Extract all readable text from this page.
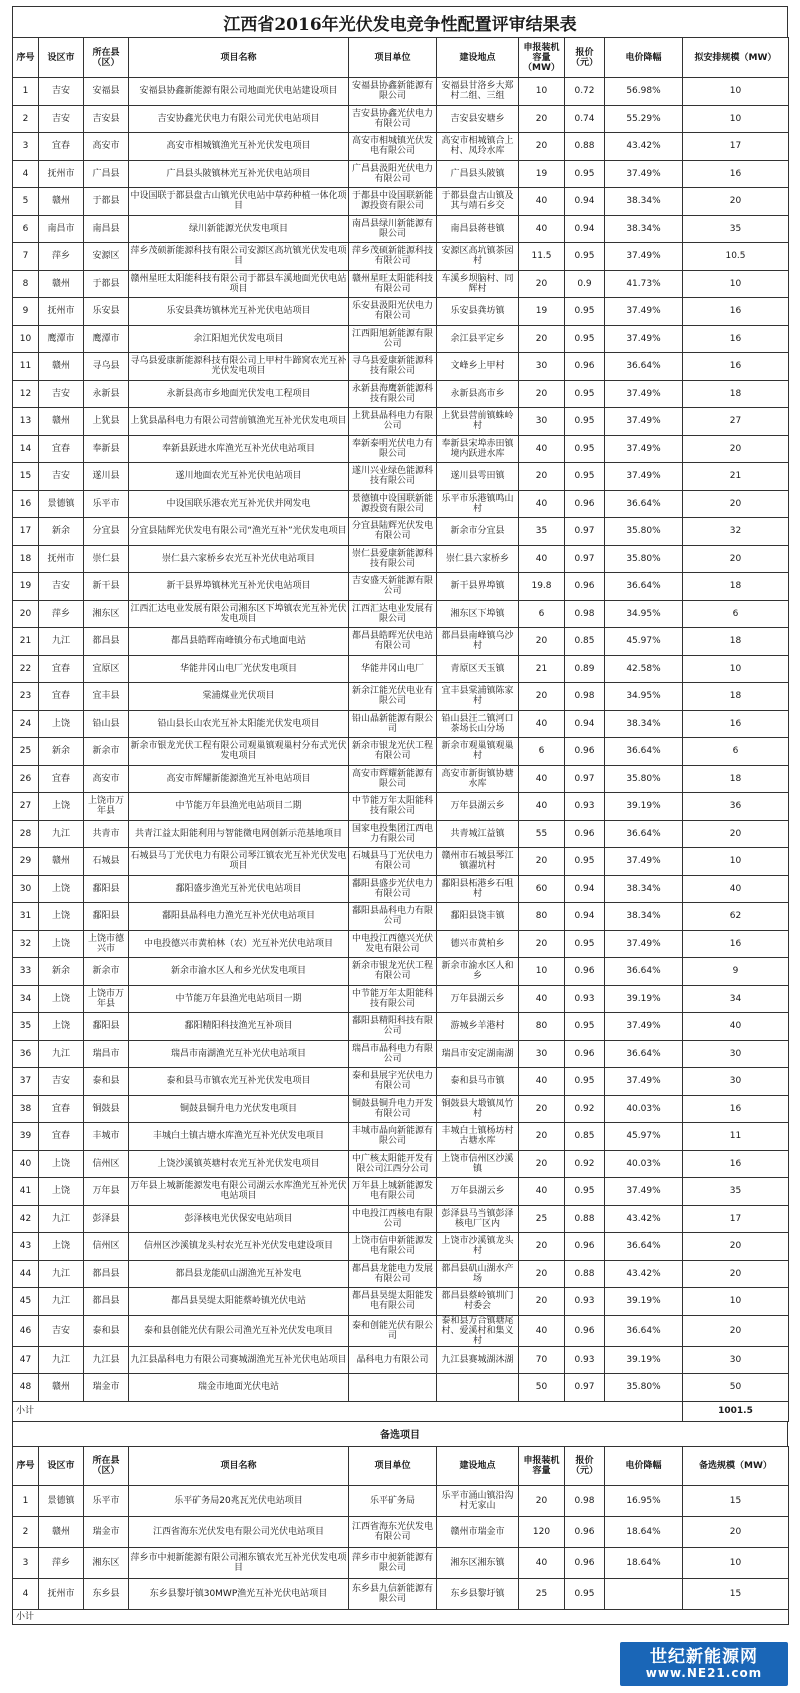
江西省2016年光伏发电竞争性配置评审结果表
序号	设区市	所在县（区）	项目名称	项目单位	建设地点	申报装机容量（MW）	报价（元）	电价降幅	拟安排规模（MW）
1	吉安	安福县	安福县协鑫新能源有限公司地面光伏电站建设项目	安福县协鑫新能源有限公司	安福县甘洛乡大郑村二组、三组	10	0.72	56.98%	10
2	吉安	吉安县	吉安协鑫光伏电力有限公司光伏电站项目	吉安县协鑫光伏电力有限公司	吉安县安塘乡	20	0.74	55.29%	10
3	宜春	高安市	高安市相城镇渔光互补光伏发电项目	高安市相城镇光伏发电有限公司	高安市相城镇合上村、凤玲水库	20	0.88	43.42%	17
4	抚州市	广昌县	广昌县头陂镇林光互补光伏电站项目	广昌县汲阳光伏电力有限公司	广昌县头陂镇	19	0.95	37.49%	16
5	赣州	于都县	中设国联于都县盘古山镇光伏电站中草药种植一体化项目	于都县中设国联新能源投资有限公司	于都县盘古山镇及其与靖石乡交	40	0.94	38.34%	20
6	南昌市	南昌县	绿川新能源光伏发电项目	南昌县绿川新能源有限公司	南昌县蒋巷镇	40	0.94	38.34%	35
7	萍乡	安源区	萍乡茂硕新能源科技有限公司安源区高坑镇光伏发电项目	萍乡茂硕新能源科技有限公司	安源区高坑镇茶园村	11.5	0.95	37.49%	10.5
8	赣州	于都县	赣州星旺太阳能科技有限公司于都县车溪地面光伏电站项目	赣州星旺太阳能科技有限公司	车溪乡坝脑村、同辉村	20	0.9	41.73%	10
9	抚州市	乐安县	乐安县龚坊镇林光互补光伏电站项目	乐安县汲阳光伏电力有限公司	乐安县龚坊镇	19	0.95	37.49%	16
10	鹰潭市	鹰潭市	余江阳旭光伏发电项目	江西阳旭新能源有限公司	余江县平定乡	20	0.95	37.49%	16
11	赣州	寻乌县	寻乌县爱康新能源科技有限公司上甲村牛蹄窝农光互补光伏发电项目	寻乌县爱康新能源科技有限公司	文峰乡上甲村	30	0.96	36.64%	16
12	吉安	永新县	永新县高市乡地面光伏发电工程项目	永新县海鹰新能源科技有限公司	永新县高市乡	20	0.95	37.49%	18
13	赣州	上犹县	上犹县晶科电力有限公司营前镇渔光互补光伏发电项目	上犹县晶科电力有限公司	上犹县营前镇蛛岭村	30	0.95	37.49%	27
14	宜春	奉新县	奉新县跃进水库渔光互补光伏电站项目	奉新泰明光伏电力有限公司	奉新县宋埠赤田镇境内跃进水库	40	0.95	37.49%	20
15	吉安	遂川县	遂川地面农光互补光伏电站项目	遂川兴业绿色能源科技有限公司	遂川县雩田镇	20	0.95	37.49%	21
16	景德镇	乐平市	中设国联乐港农光互补光伏并网发电	景德镇中设国联新能源投资有限公司	乐平市乐港镇鸣山村	40	0.96	36.64%	20
17	新余	分宜县	分宜县陆辉光伏发电有限公司“渔光互补”光伏发电项目	分宜县陆辉光伏发电有限公司	新余市分宜县	35	0.97	35.80%	32
18	抚州市	崇仁县	崇仁县六家桥乡农光互补光伏电站项目	崇仁县爱康新能源科技有限公司	崇仁县六家桥乡	40	0.97	35.80%	20
19	吉安	新干县	新干县界埠镇林光互补光伏电站项目	吉安盛天新能源有限公司	新干县界埠镇	19.8	0.96	36.64%	18
20	萍乡	湘东区	江西汇达电业发展有限公司湘东区下埠镇农光互补光伏发电项目	江西汇达电业发展有限公司	湘东区下埠镇	6	0.98	34.95%	6
21	九江	都昌县	都昌县皓晖南峰镇分布式地面电站	都昌县皓晖光伏电站有限公司	都昌县南峰镇乌沙村	20	0.85	45.97%	18
22	宜春	宜原区	华能井冈山电厂光伏发电项目	华能井冈山电厂	青原区天玉镇	21	0.89	42.58%	10
23	宜春	宜丰县	棠浦煤业光伏项目	新余江能光伏电业有限公司	宜丰县棠浦镇陈家村	20	0.98	34.95%	18
24	上饶	铅山县	铅山县长山农光互补太阳能光伏发电项目	铅山晶新能源有限公司	铅山县汪二镇河口茶场长山分场	40	0.94	38.34%	16
25	新余	新余市	新余市银龙光伏工程有限公司观巢镇观巢村分布式光伏发电项目	新余市银龙光伏工程有限公司	新余市观巢镇观巢村	6	0.96	36.64%	6
26	宜春	高安市	高安市辉耀新能源渔光互补电站项目	高安市辉耀新能源有限公司	高安市新街镇协塘水库	40	0.97	35.80%	18
27	上饶	上饶市万年县	中节能万年县渔光电站项目二期	中节能万年太阳能科技有限公司	万年县湖云乡	40	0.93	39.19%	36
28	九江	共青市	共青江益太阳能利用与智能微电网创新示范基地项目	国家电投集团江西电力有限公司	共青城江益镇	55	0.96	36.64%	20
29	赣州	石城县	石城县马丁光伏电力有限公司琴江镇农光互补光伏发电项目	石城县马丁光伏电力有限公司	赣州市石城县琴江镇濯坑村	20	0.95	37.49%	10
30	上饶	鄱阳县	鄱阳盛步渔光互补光伏电站项目	鄱阳县盛步光伏电力有限公司	鄱阳县柘港乡石咀村	60	0.94	38.34%	40
31	上饶	鄱阳县	鄱阳县晶科电力渔光互补光伏电站项目	鄱阳县晶科电力有限公司	鄱阳县饶丰镇	80	0.94	38.34%	62
32	上饶	上饶市德兴市	中电投德兴市黄柏林（农）光互补光伏电站项目	中电投江西德兴光伏发电有限公司	德兴市黄柏乡	20	0.95	37.49%	16
33	新余	新余市	新余市渝水区人和乡光伏发电项目	新余市银龙光伏工程有限公司	新余市渝水区人和乡	10	0.96	36.64%	9
34	上饶	上饶市万年县	中节能万年县渔光电站项目一期	中节能万年太阳能科技有限公司	万年县湖云乡	40	0.93	39.19%	34
35	上饶	鄱阳县	鄱阳精阳科技渔光互补项目	鄱阳县精阳科技有限公司	游城乡羊港村	80	0.95	37.49%	40
36	九江	瑞昌市	瑞昌市南湖渔光互补光伏电站项目	瑞昌市晶科电力有限公司	瑞昌市安定湖南湖	30	0.96	36.64%	30
37	吉安	泰和县	泰和县马市镇农光互补光伏发电项目	泰和县展宇光伏电力有限公司	泰和县马市镇	40	0.95	37.49%	30
38	宜春	铜鼓县	铜鼓县铜升电力光伏发电项目	铜鼓县铜升电力开发有限公司	铜鼓县大塅镇凤竹村	20	0.92	40.03%	16
39	宜春	丰城市	丰城白土镇古塘水库渔光互补光伏发电项目	丰城市晶向新能源有限公司	丰城白土镇杨坊村古塘水库	20	0.85	45.97%	11
40	上饶	信州区	上饶沙溪镇英塘村农光互补光伏发电项目	中广核太阳能开发有限公司江西分公司	上饶市信州区沙溪镇	20	0.92	40.03%	16
41	上饶	万年县	万年县上城新能源发电有限公司湖云水库渔光互补光伏电站项目	万年县上城新能源发电有限公司	万年县湖云乡	40	0.95	37.49%	35
42	九江	彭泽县	彭泽核电光伏保安电站项目	中电投江西核电有限公司	彭泽县马当镇彭泽核电厂区内	25	0.88	43.42%	17
43	上饶	信州区	信州区沙溪镇龙头村农光互补光伏发电建设项目	上饶市信申新能源发电有限公司	上饶市沙溪镇龙头村	20	0.96	36.64%	20
44	九江	都昌县	都昌县龙能矶山湖渔光互补发电	都昌县龙能电力发展有限公司	都昌县矶山湖水产场	20	0.88	43.42%	20
45	九江	都昌县	都昌县昊缇太阳能蔡岭镇光伏电站	都昌县昊缇太阳能发电有限公司	都昌县蔡岭镇圳门村委会	20	0.93	39.19%	10
46	吉安	泰和县	泰和县创能光伏有限公司渔光互补光伏发电项目	泰和创能光伏有限公司	泰和县万合镇塘尾村、爱溪村和集义村	40	0.96	36.64%	20
47	九江	九江县	九江县晶科电力有限公司赛城湖渔光互补光伏电站项目	晶科电力有限公司	九江县赛城湖沐湖	70	0.93	39.19%	30
48	赣州	瑞金市	瑞金市地面光伏电站			50	0.97	35.80%	50
小计									1001.5
备选项目
序号	设区市	所在县（区）	项目名称	项目单位	建设地点	申报装机容量	报价（元）	电价降幅	备选规模（MW）
1	景德镇	乐平市	乐平矿务局20兆瓦光伏电站项目	乐平矿务局	乐平市涌山镇沿沟村无家山	20	0.98	16.95%	15
2	赣州	瑞金市	江西省海东光伏发电有限公司光伏电站项目	江西省海东光伏发电有限公司	赣州市瑞金市	120	0.96	18.64%	20
3	萍乡	湘东区	萍乡市中昶新能源有限公司湘东镇农光互补光伏发电项目	萍乡市中昶新能源有限公司	湘东区湘东镇	40	0.96	18.64%	10
4	抚州市	东乡县	东乡县黎圩镇30MWP渔光互补光伏电站项目	东乡县九信新能源有限公司	东乡县黎圩镇	25	0.95		15
小计									
世纪新能源网
www.NE21.com
